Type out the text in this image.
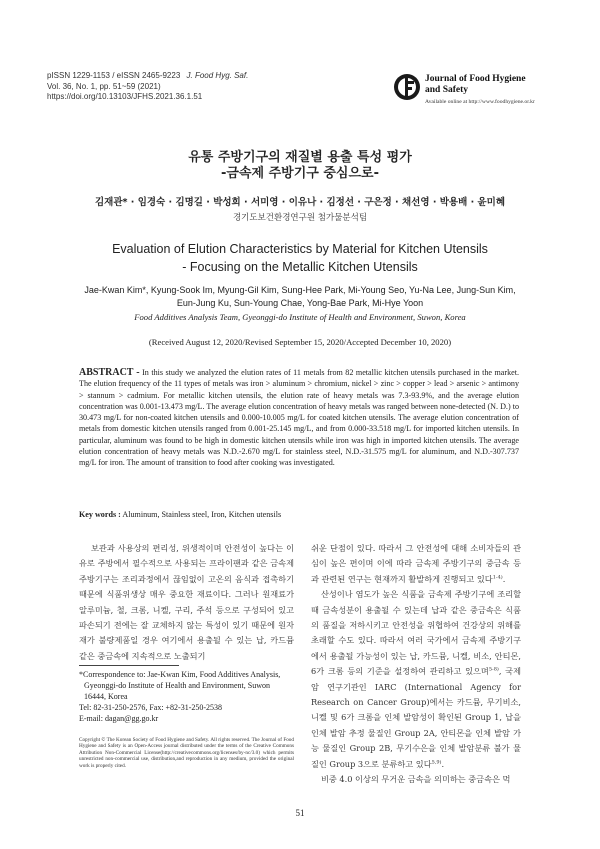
pISSN 1229-1153 / eISSN 2465-9223 J. Food Hyg. Saf.
Vol. 36, No. 1, pp. 51~59 (2021)
https://doi.org/10.13103/JFHS.2021.36.1.51
Journal of Food Hygiene
and Safety
Available online at http://www.foodhygiene.or.kr
유통 주방기구의 재질별 용출 특성 평가
-금속제 주방기구 중심으로-
김재관* · 임경숙 · 김명길 · 박성희 · 서미영 · 이유나 · 김정선 · 구은정 · 채선영 · 박용배 · 윤미혜
경기도보건환경연구원 첨가물분석팀
Evaluation of Elution Characteristics by Material for Kitchen Utensils
- Focusing on the Metallic Kitchen Utensils
Jae-Kwan Kim*, Kyung-Sook Im, Myung-Gil Kim, Sung-Hee Park, Mi-Young Seo, Yu-Na Lee, Jung-Sun Kim,
Eun-Jung Ku, Sun-Young Chae, Yong-Bae Park, Mi-Hye Yoon
Food Additives Analysis Team, Gyeonggi-do Institute of Health and Environment, Suwon, Korea
(Received August 12, 2020/Revised September 15, 2020/Accepted December 10, 2020)
ABSTRACT - In this study we analyzed the elution rates of 11 metals from 82 metallic kitchen utensils purchased in the market. The elution frequency of the 11 types of metals was iron > aluminum > chromium, nickel > zinc > copper > lead > arsenic > antimony > stannum > cadmium. For metallic kitchen utensils, the elution rate of heavy metals was 7.3-93.9%, and the average elution concentration was 0.001-13.473 mg/L. The average elution concentration of heavy metals was ranged between none-detected (N. D.) to 30.473 mg/L for non-coated kitchen utensils and 0.000-10.005 mg/L for coated kitchen utensils. The average elution concentration of metals from domestic kitchen utensils ranged from 0.001-25.145 mg/L, and from 0.000-33.518 mg/L for imported kitchen utensils. In particular, aluminum was found to be high in domestic kitchen utensils while iron was high in imported kitchen utensils. The average elution concentration of heavy metals was N.D.-2.670 mg/L for stainless steel, N.D.-31.575 mg/L for aluminum, and N.D.-307.737 mg/L for iron. The amount of transition to food after cooking was investigated.
Key words : Aluminum, Stainless steel, Iron, Kitchen utensils
보관과 사용상의 편리성, 위생적이며 안전성이 높다는 이유로 주방에서 필수적으로 사용되는 프라이팬과 같은 금속제 주방기구는 조리과정에서 끊임없이 고온의 음식과 접촉하기 때문에 식품위생상 매우 중요한 재료이다. 그러나 원재료가 알루미늄, 철, 크롬, 니켈, 구리, 주석 등으로 구성되어 있고 파손되기 전에는 잘 교체하지 않는 특성이 있기 때문에 원자재가 불량제품일 경우 여기에서 용출될 수 있는 납, 카드뮴 같은 중금속에 지속적으로 노출되기

쉬운 단점이 있다. 따라서 그 안전성에 대해 소비자들의 관심이 높은 편이며 이에 따라 금속제 주방기구의 중금속 등과 관련된 연구는 현재까지 활발하게 진행되고 있다$^{1-4)}$.

산성이나 염도가 높은 식품을 금속제 주방기구에 조리할 때 금속성분이 용출될 수 있는데 납과 같은 중금속은 식품의 품질을 저하시키고 안전성을 위협하여 건강상의 위해를 초래할 수도 있다. 따라서 여러 국가에서 금속제 주방기구에서 용출될 가능성이 있는 납, 카드뮴, 니켈, 비소, 안티몬, 6가 크롬 등의 기준을 설정하여 관리하고 있으며$^{5-8)}$, 국제 암 연구기관인 IARC (International Agency for Research on Cancer Group)에서는 카드뮴, 무기비소, 니켈 및 6가 크롬을 인체 발암성이 확인된 Group 1, 납을 인체 발암 추정 물질인 Group 2A, 안티몬을 인체 발암 가능 물질인 Group 2B, 무기수은을 인체 발암분류 불가 물질인 Group 3으로 분류하고 있다$^{5,9)}$.

비중 4.0 이상의 무거운 금속을 의미하는 중금속은 먹

*Correspondence to: Jae-Kwan Kim, Food Additives Analysis,
Gyeonggi-do Institute of Health and Environment, Suwon
16444, Korea
Tel: 82-31-250-2576, Fax: +82-31-250-2538
E-mail: dagan@gg.go.kr
Copyright © The Korean Society of Food Hygiene and Safety. All rights reserved. The Journal of Food Hygiene and Safety is an Open-Access journal distributed under the terms of the Creative Commons Attribution Non-Commercial License(http://creativecommons.org/licenses/by-nc/3.0) which permits unrestricted non-commercial use, distribution,and reproduction in any medium, provided the original work is properly cited.
51
